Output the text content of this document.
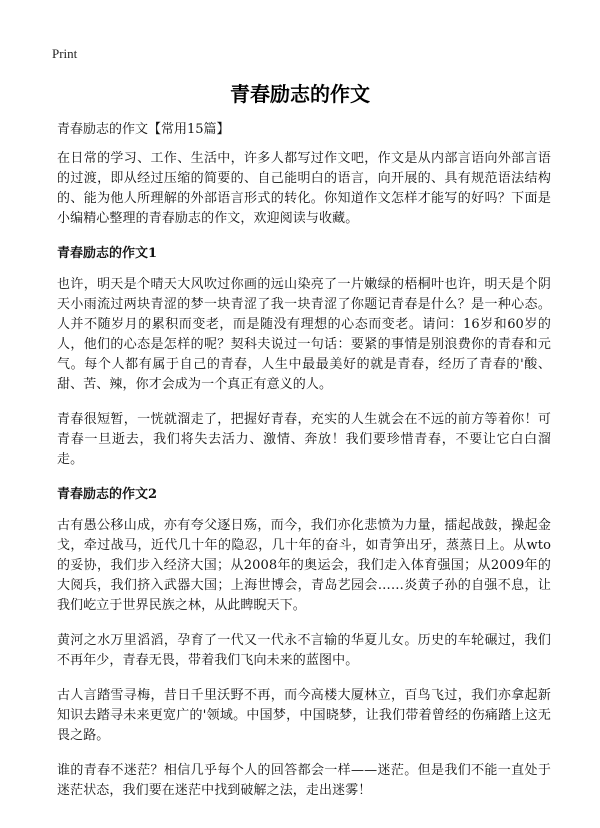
Print
青春励志的作文
青春励志的作文【常用15篇】

在日常的学习、工作、生活中，许多人都写过作文吧，作文是从内部言语向外部言语的过渡，即从经过压缩的简要的、自己能明白的语言，向开展的、具有规范语法结构的、能为他人所理解的外部语言形式的转化。你知道作文怎样才能写的好吗？下面是小编精心整理的青春励志的作文，欢迎阅读与收藏。

青春励志的作文1

也许，明天是个晴天大风吹过你画的远山染亮了一片嫩绿的梧桐叶也许，明天是个阴天小雨流过两块青涩的梦一块青涩了我一块青涩了你题记青春是什么？是一种心态。人并不随岁月的累积而变老，而是随没有理想的心态而变老。请问：16岁和60岁的人，他们的心态是怎样的呢？契科夫说过一句话：要紧的事情是别浪费你的青春和元气。每个人都有属于自己的青春，人生中最最美好的就是青春，经历了青春的'酸、甜、苦、辣，你才会成为一个真正有意义的人。

青春很短暂，一恍就溜走了，把握好青春，充实的人生就会在不远的前方等着你！可青春一旦逝去，我们将失去活力、激情、奔放！我们要珍惜青春，不要让它白白溜走。

青春励志的作文2

古有愚公移山成，亦有夸父逐日殇，而今，我们亦化悲愤为力量，擂起战鼓，操起金戈，牵过战马，近代几十年的隐忍，几十年的奋斗，如青笋出牙，蒸蒸日上。从wto的妥协，我们步入经济大国；从2008年的奥运会，我们走入体育强国；从2009年的大阅兵，我们挤入武器大国；上海世博会，青岛艺园会……炎黄子孙的自强不息，让我们屹立于世界民族之林，从此睥睨天下。

黄河之水万里滔滔，孕育了一代又一代永不言输的华夏儿女。历史的车轮碾过，我们不再年少，青春无畏，带着我们飞向未来的蓝图中。

古人言踏雪寻梅，昔日千里沃野不再，而今高楼大厦林立，百鸟飞过，我们亦拿起新知识去踏寻未来更宽广的'领域。中国梦，中国晓梦，让我们带着曾经的伤痛踏上这无畏之路。

谁的青春不迷茫？相信几乎每个人的回答都会一样——迷茫。但是我们不能一直处于迷茫状态，我们要在迷茫中找到破解之法，走出迷雾！
